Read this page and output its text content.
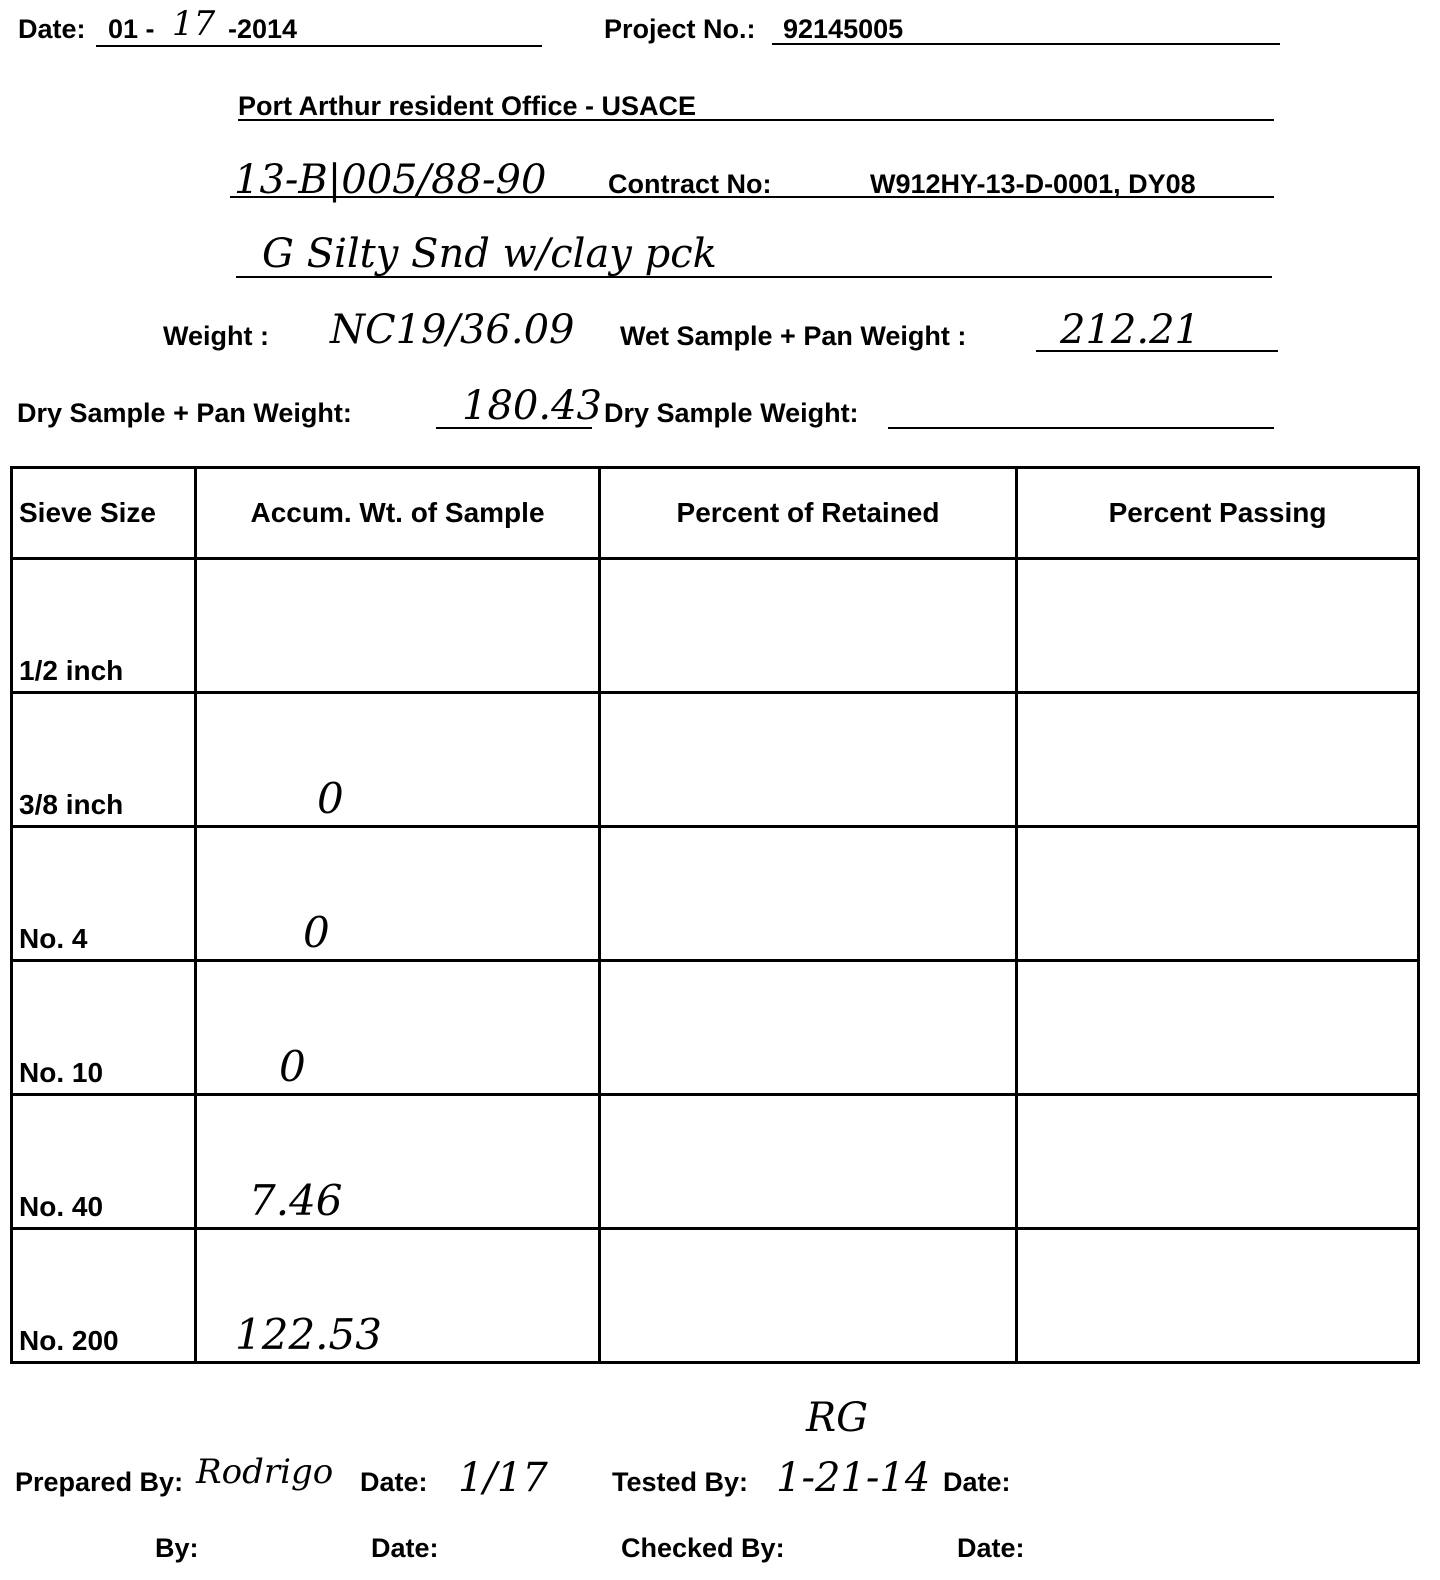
Date: 01 - 17 -2014	Project No.: 92145005
Port Arthur resident Office - USACE
13-B|005/88-90 Contract No:	W912HY-13-D-0001, DY08
G Silty Snd w/clay pck
Weight : NC19/36.09 Wet Sample + Pan Weight : 212.21
Dry Sample + Pan Weight:	180.43 Dry Sample Weight:
Sieve Size	Accum. Wt. of Sample	Percent of Retained	Percent Passing
1/2 inch			
3/8 inch	0		
No. 4	0		
No. 10	0		
No. 40	7.46		
No. 200	122.53		
Prepared By: Rodrigo Date: 1/17 Tested By:
RG
1-21-14 Date:
By:	Date:	Checked By:	Date:
